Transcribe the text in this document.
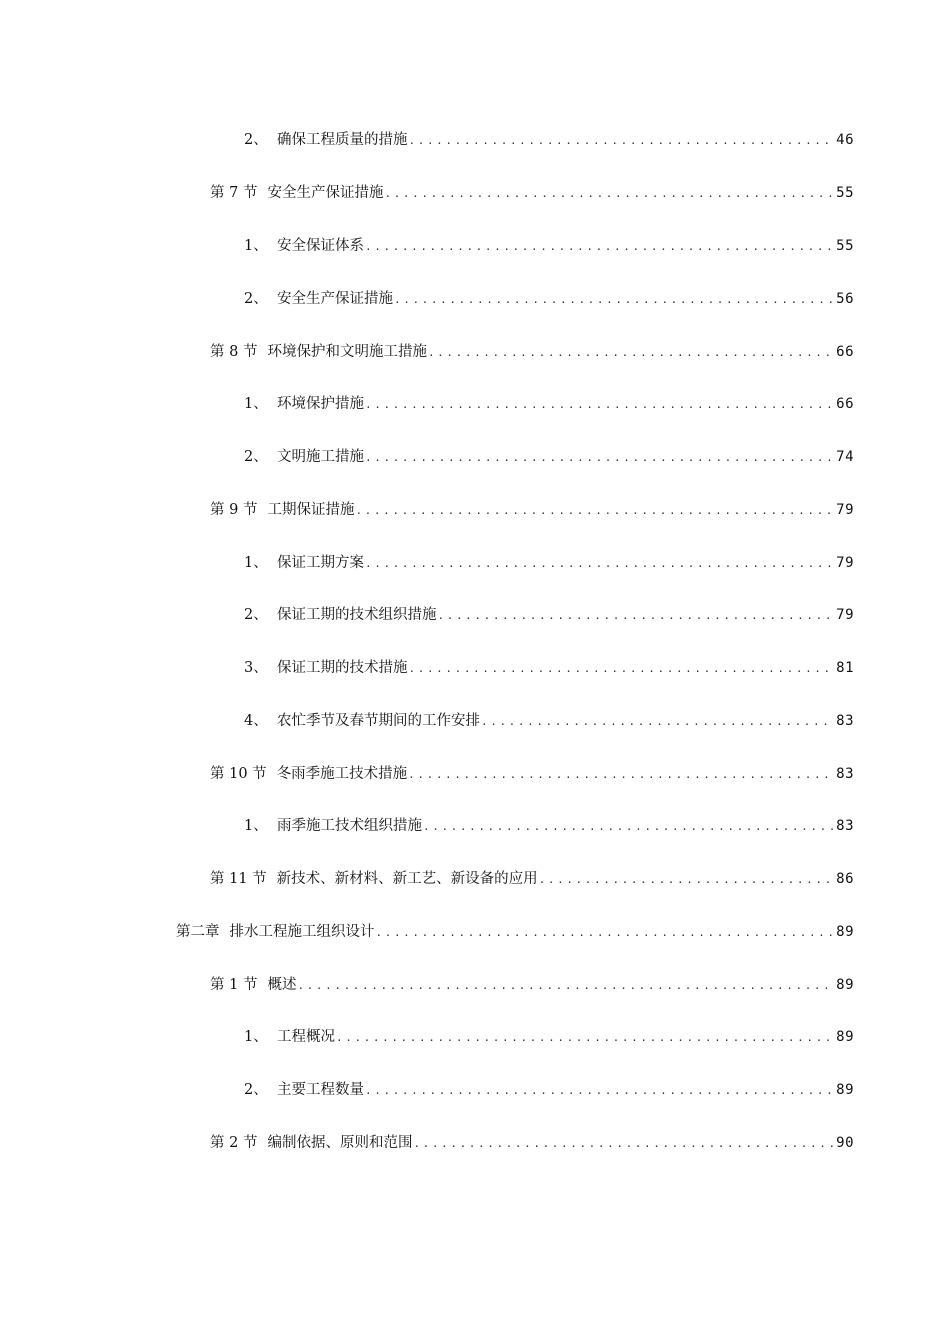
2、 确保工程质量的措施 .....	46
第 7 节 安全生产保证措施 .....	55
1、 安全保证体系 .....	55
2、 安全生产保证措施 .....	56
第 8 节 环境保护和文明施工措施 .....	66
1、 环境保护措施 .....	66
2、 文明施工措施 .....	74
第 9 节 工期保证措施 .....	79
1、 保证工期方案 .....	79
2、 保证工期的技术组织措施 .....	79
3、 保证工期的技术措施 .....	81
4、 农忙季节及春节期间的工作安排 .....	83
第 10 节 冬雨季施工技术措施 .....	83
1、 雨季施工技术组织措施 .....	83
第 11 节 新技术、新材料、新工艺、新设备的应用 .....	86
第二章 排水工程施工组织设计 .....	89
第 1 节 概述 .....	89
1、 工程概况 .....	89
2、 主要工程数量 .....	89
第 2 节 编制依据、原则和范围 .....	90
